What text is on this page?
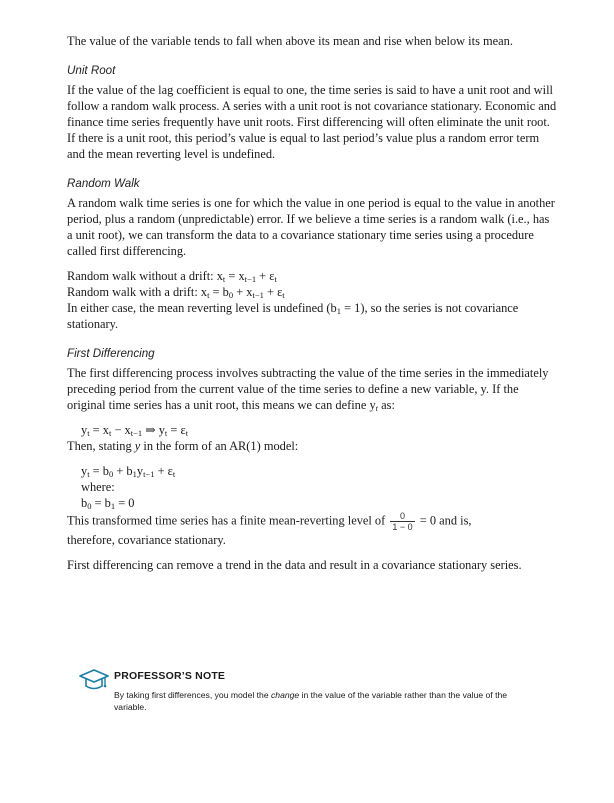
The value of the variable tends to fall when above its mean and rise when below its mean.

Unit Root

If the value of the lag coefficient is equal to one, the time series is said to have a unit root and will follow a random walk process. A series with a unit root is not covariance stationary. Economic and finance time series frequently have unit roots. First differencing will often eliminate the unit root. If there is a unit root, this period’s value is equal to last period’s value plus a random error term and the mean reverting level is undefined.

Random Walk

A random walk time series is one for which the value in one period is equal to the value in another period, plus a random (unpredictable) error. If we believe a time series is a random walk (i.e., has a unit root), we can transform the data to a covariance stationary time series using a procedure called first differencing.

Random walk without a drift: $x_t = x_{t-1} + \varepsilon_t$

Random walk with a drift: $x_t = b_0 + x_{t-1} + \varepsilon_t$

In either case, the mean reverting level is undefined $(b_1 = 1)$, so the series is not covariance stationary.

First Differencing

The first differencing process involves subtracting the value of the time series in the immediately preceding period from the current value of the time series to define a new variable, y. If the original time series has a unit root, this means we can define $y_t$ as:

$y_t = x_t - x_{t-1}$ ⇒ $y_t = \varepsilon_t$

Then, stating y in the form of an AR(1) model:

$y_t = b_0 + b_1y_{t-1} + \varepsilon_t$

where:

$b_0 = b_1 = 0$

This transformed time series has a finite mean-reverting level of $\frac{0}{1 - 0} = 0$ and is,

therefore, covariance stationary.

First differencing can remove a trend in the data and result in a covariance stationary series.

PROFESSOR’S NOTE
By taking first differences, you model the change in the value of the variable rather than the value of the variable.
